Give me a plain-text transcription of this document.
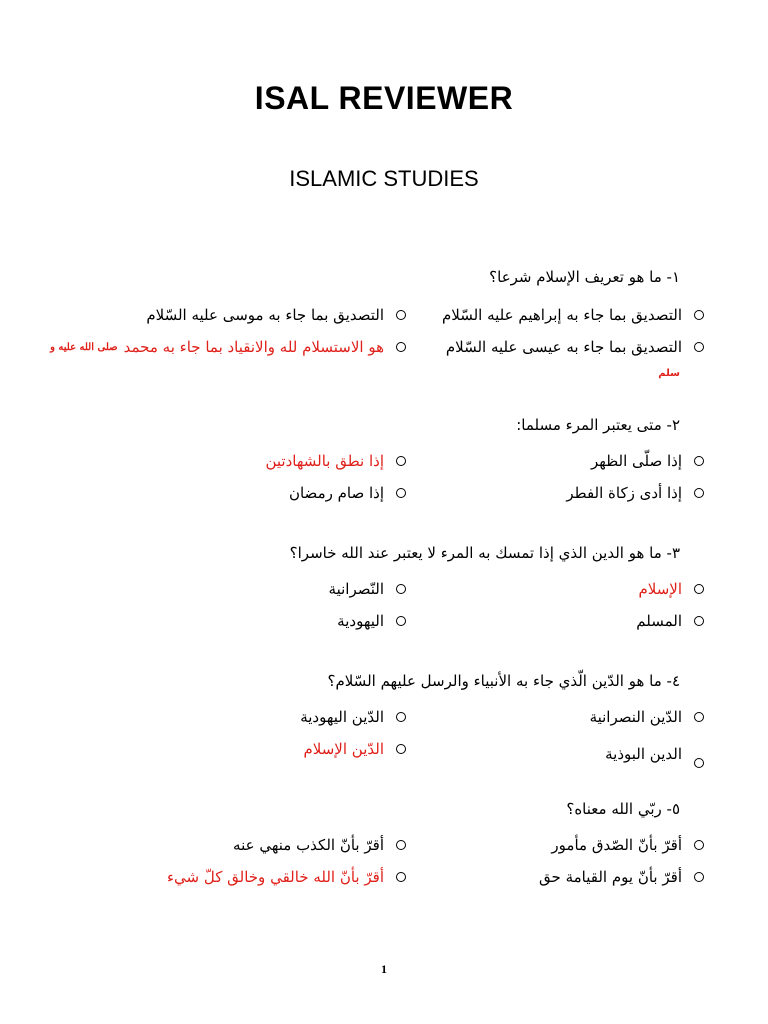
ISAL REVIEWER
ISLAMIC STUDIES
١- ما هو تعريف الإسلام شرعا؟
التصديق بما جاء به إبراهيم عليه السّلام
التصديق بما جاء به موسى عليه السّلام
التصديق بما جاء به عيسى عليه السّلام
هو الاستسلام لله والانقياد بما جاء به محمد
صلى الله عليه و
سلم
٢- متى يعتبر المرء مسلما:
إذا صلّى الظهر
إذا نطق بالشهادتين
إذا أدى زكاة الفطر
إذا صام رمضان
٣- ما هو الدين الذي إذا تمسك به المرء لا يعتبر عند الله خاسرا؟
الإسلام
النّصرانية
المسلم
اليهودية
٤- ما هو الدّين الّذي جاء به الأنبياء والرسل عليهم السّلام؟
الدّين النصرانية
الدّين اليهودية
الدين البوذية
الدّين الإسلام
٥- ربّي الله معناه؟
أقرّ بأنّ الصّدق مأمور
أقرّ بأنّ الكذب منهي عنه
أقرّ بأنّ يوم القيامة حق
أقرّ بأنّ الله خالقي وخالق كلّ شيء
1
